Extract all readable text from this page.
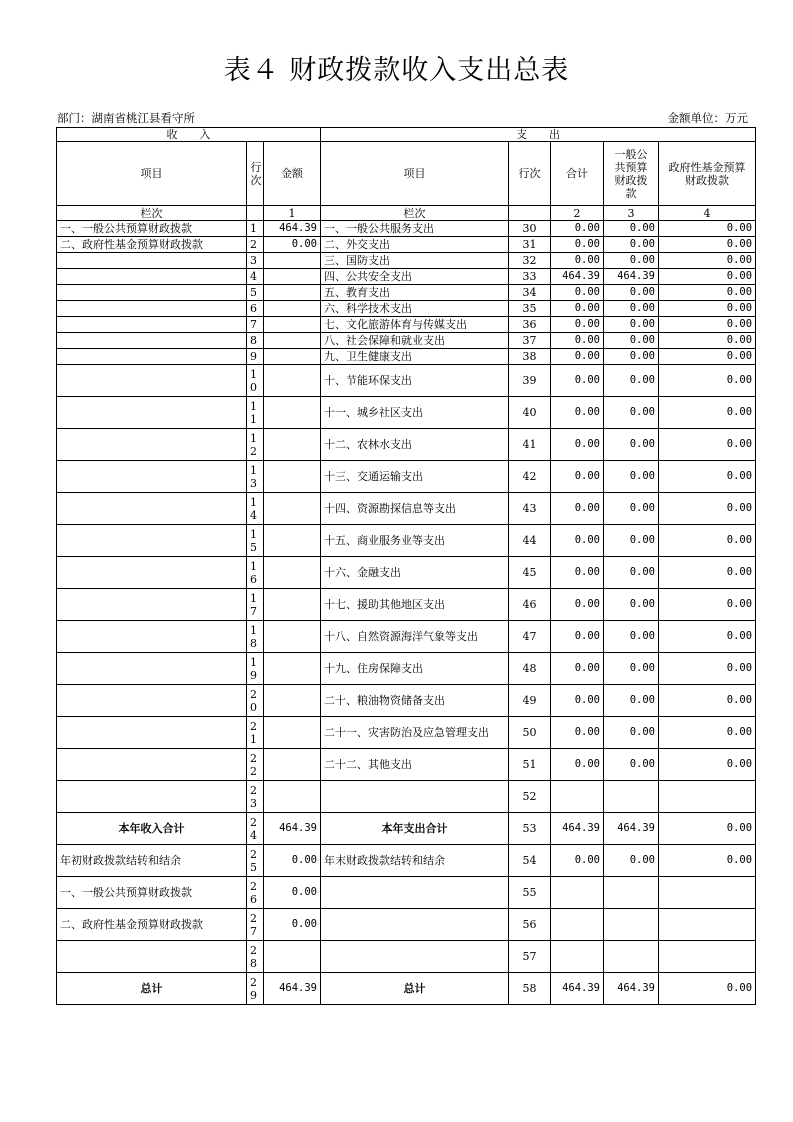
表４ 财政拨款收入支出总表
部门：湖南省桃江县看守所	金额单位：万元
收　　入			支　　出				
项目	行次	金额	项目	行次	合计	一般公共预算财政拨款	政府性基金预算财政拨款
栏次		1	栏次		2	3	4
一、一般公共预算财政拨款	1	464.39	一、一般公共服务支出	30	0.00	0.00	0.00
二、政府性基金预算财政拨款	2	0.00	二、外交支出	31	0.00	0.00	0.00
	3		三、国防支出	32	0.00	0.00	0.00
	4		四、公共安全支出	33	464.39	464.39	0.00
	5		五、教育支出	34	0.00	0.00	0.00
	6		六、科学技术支出	35	0.00	0.00	0.00
	7		七、文化旅游体育与传媒支出	36	0.00	0.00	0.00
	8		八、社会保障和就业支出	37	0.00	0.00	0.00
	9		九、卫生健康支出	38	0.00	0.00	0.00
	10		十、节能环保支出	39	0.00	0.00	0.00
	11		十一、城乡社区支出	40	0.00	0.00	0.00
	12		十二、农林水支出	41	0.00	0.00	0.00
	13		十三、交通运输支出	42	0.00	0.00	0.00
	14		十四、资源勘探信息等支出	43	0.00	0.00	0.00
	15		十五、商业服务业等支出	44	0.00	0.00	0.00
	16		十六、金融支出	45	0.00	0.00	0.00
	17		十七、援助其他地区支出	46	0.00	0.00	0.00
	18		十八、自然资源海洋气象等支出	47	0.00	0.00	0.00
	19		十九、住房保障支出	48	0.00	0.00	0.00
	20		二十、粮油物资储备支出	49	0.00	0.00	0.00
	21		二十一、灾害防治及应急管理支出	50	0.00	0.00	0.00
	22		二十二、其他支出	51	0.00	0.00	0.00
	23			52			
本年收入合计	24	464.39	本年支出合计	53	464.39	464.39	0.00
年初财政拨款结转和结余	25	0.00	年末财政拨款结转和结余	54	0.00	0.00	0.00
一、一般公共预算财政拨款	26	0.00		55			
二、政府性基金预算财政拨款	27	0.00		56			
	28			57			
总计	29	464.39	总计	58	464.39	464.39	0.00
